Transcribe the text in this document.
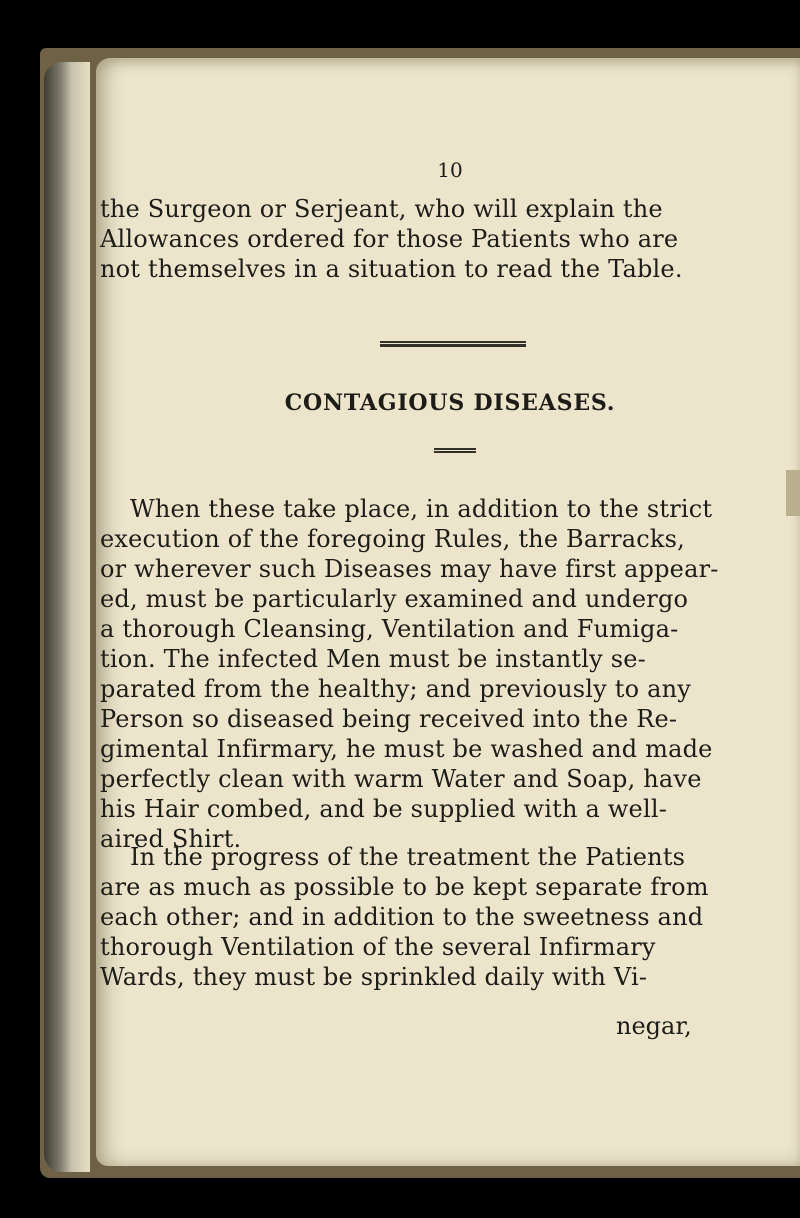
10

the Surgeon or Serjeant, who will explain the
Allowances ordered for those Patients who are
not themselves in a situation to read the Table.

CONTAGIOUS DISEASES.

When these take place, in addition to the strict
execution of the foregoing Rules, the Barracks,
or wherever such Diseases may have first appear-
ed, must be particularly examined and undergo
a thorough Cleansing, Ventilation and Fumiga-
tion. The infected Men must be instantly se-
parated from the healthy; and previously to any
Person so diseased being received into the Re-
gimental Infirmary, he must be washed and made
perfectly clean with warm Water and Soap, have
his Hair combed, and be supplied with a well-
aired Shirt.

In the progress of the treatment the Patients
are as much as possible to be kept separate from
each other; and in addition to the sweetness and
thorough Ventilation of the several Infirmary
Wards, they must be sprinkled daily with Vi-

negar,
